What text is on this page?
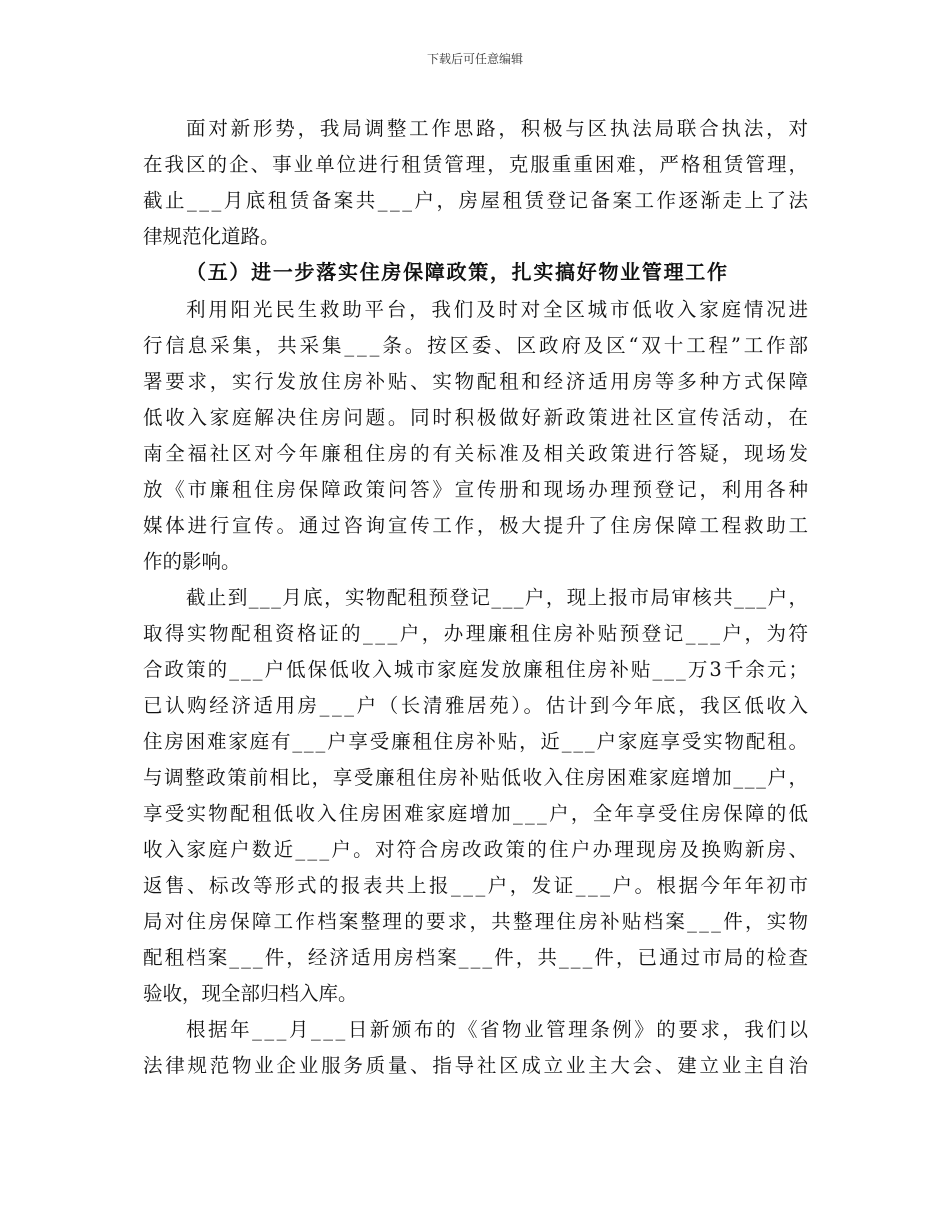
下载后可任意编辑
面对新形势，我局调整工作思路，积极与区执法局联合执法，对
在我区的企、事业单位进行租赁管理，克服重重困难，严格租赁管理，
截止___月底租赁备案共___户，房屋租赁登记备案工作逐渐走上了法
律规范化道路。
（五）进一步落实住房保障政策，扎实搞好物业管理工作
利用阳光民生救助平台，我们及时对全区城市低收入家庭情况进
行信息采集，共采集___条。按区委、区政府及区“双十工程”工作部
署要求，实行发放住房补贴、实物配租和经济适用房等多种方式保障
低收入家庭解决住房问题。同时积极做好新政策进社区宣传活动，在
南全福社区对今年廉租住房的有关标准及相关政策进行答疑，现场发
放《市廉租住房保障政策问答》宣传册和现场办理预登记，利用各种
媒体进行宣传。通过咨询宣传工作，极大提升了住房保障工程救助工
作的影响。
截止到___月底，实物配租预登记___户，现上报市局审核共___户，
取得实物配租资格证的___户，办理廉租住房补贴预登记___户，为符
合政策的___户低保低收入城市家庭发放廉租住房补贴___万3千余元；
已认购经济适用房___户（长清雅居苑）。估计到今年底，我区低收入
住房困难家庭有___户享受廉租住房补贴，近___户家庭享受实物配租。
与调整政策前相比，享受廉租住房补贴低收入住房困难家庭增加___户，
享受实物配租低收入住房困难家庭增加___户，全年享受住房保障的低
收入家庭户数近___户。对符合房改政策的住户办理现房及换购新房、
返售、标改等形式的报表共上报___户，发证___户。根据今年年初市
局对住房保障工作档案整理的要求，共整理住房补贴档案___件，实物
配租档案___件，经济适用房档案___件，共___件，已通过市局的检查
验收，现全部归档入库。
根据年___月___日新颁布的《省物业管理条例》的要求，我们以
法律规范物业企业服务质量、指导社区成立业主大会、建立业主自治
